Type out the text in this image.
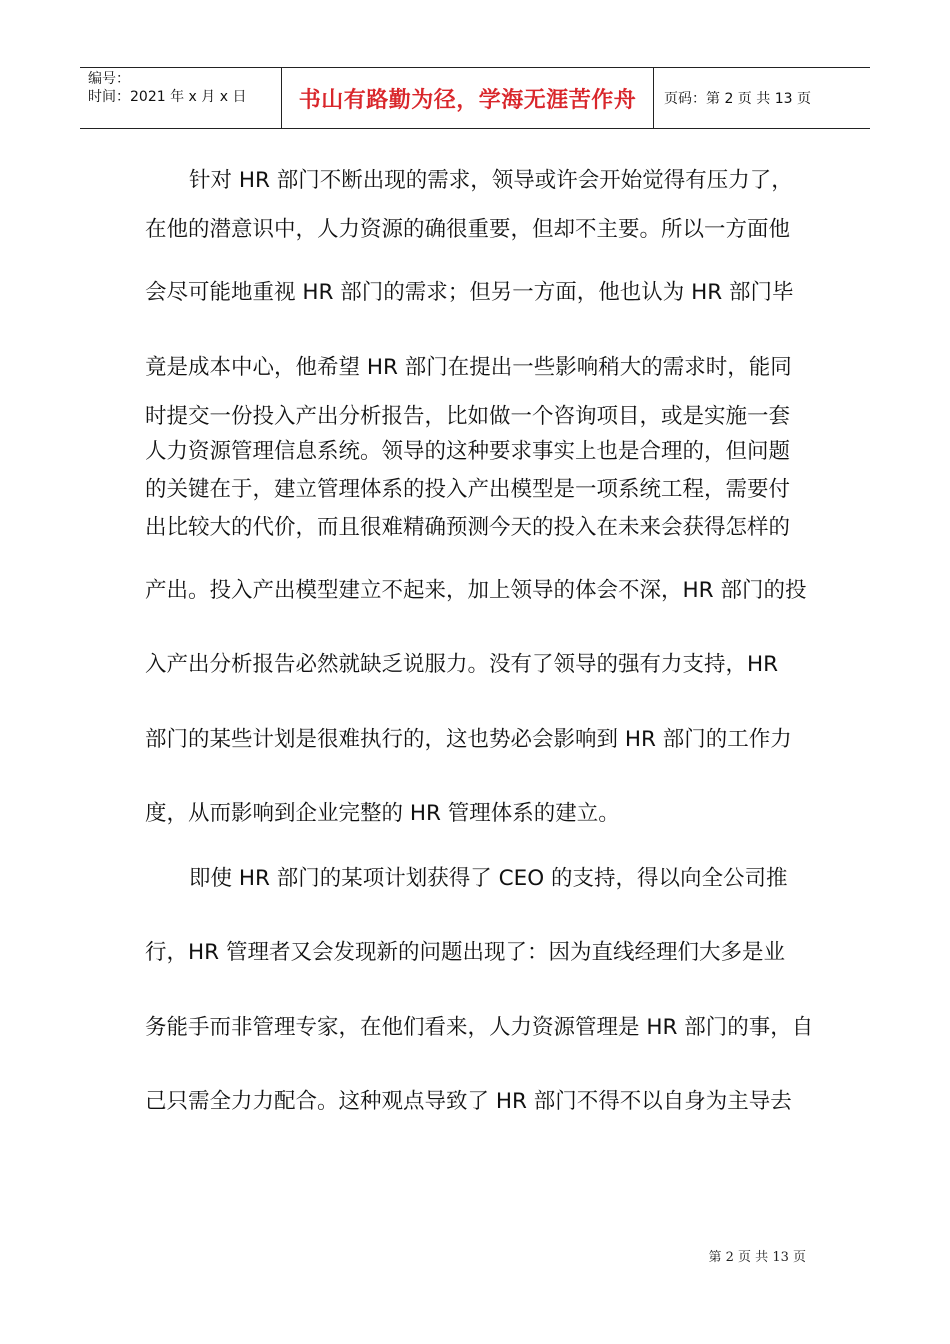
编号：
时间：2021 年 x 月 x 日	书山有路勤为径，学海无涯苦作舟 页码：第 2 页 共 13 页
针对 HR 部门不断出现的需求，领导或许会开始觉得有压力了，
在他的潜意识中，人力资源的确很重要，但却不主要。所以一方面他
会尽可能地重视 HR 部门的需求；但另一方面，他也认为 HR 部门毕
竟是成本中心，他希望 HR 部门在提出一些影响稍大的需求时，能同
时提交一份投入产出分析报告，比如做一个咨询项目，或是实施一套
人力资源管理信息系统。领导的这种要求事实上也是合理的，但问题
的关键在于，建立管理体系的投入产出模型是一项系统工程，需要付
出比较大的代价，而且很难精确预测今天的投入在未来会获得怎样的
产出。投入产出模型建立不起来，加上领导的体会不深，HR 部门的投
入产出分析报告必然就缺乏说服力。没有了领导的强有力支持，HR
部门的某些计划是很难执行的，这也势必会影响到 HR 部门的工作力
度，从而影响到企业完整的 HR 管理体系的建立。
即使 HR 部门的某项计划获得了 CEO 的支持，得以向全公司推
行，HR 管理者又会发现新的问题出现了：因为直线经理们大多是业
务能手而非管理专家，在他们看来，人力资源管理是 HR 部门的事，自
己只需全力力配合。这种观点导致了 HR 部门不得不以自身为主导去
第 2 页 共 13 页
